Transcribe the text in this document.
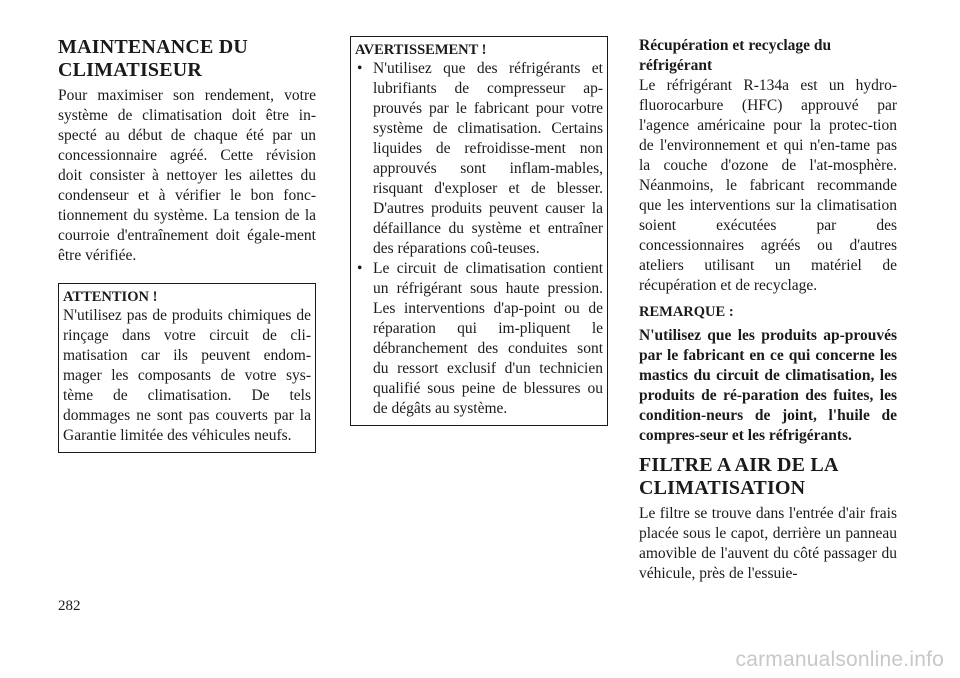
MAINTENANCE DU CLIMATISEUR

Pour maximiser son rendement, votre système de climatisation doit être in-specté au début de chaque été par un concessionnaire agréé. Cette révision doit consister à nettoyer les ailettes du condenseur et à vérifier le bon fonc-tionnement du système. La tension de la courroie d'entraînement doit égale-ment être vérifiée.

ATTENTION !

N'utilisez pas de produits chimiques de rinçage dans votre circuit de cli-matisation car ils peuvent endom-mager les composants de votre sys-tème de climatisation. De tels dommages ne sont pas couverts par la Garantie limitée des véhicules neufs.

AVERTISSEMENT !
• N'utilisez que des réfrigérants et lubrifiants de compresseur ap-prouvés par le fabricant pour votre système de climatisation. Certains liquides de refroidisse-ment non approuvés sont inflam-mables, risquant d'exploser et de blesser. D'autres produits peuvent causer la défaillance du système et entraîner des réparations coû-teuses.
• Le circuit de climatisation contient un réfrigérant sous haute pression. Les interventions d'ap-point ou de réparation qui im-pliquent le débranchement des conduites sont du ressort exclusif d'un technicien qualifié sous peine de blessures ou de dégâts au système.
Récupération et recyclage du réfrigérant

Le réfrigérant R-134a est un hydro-fluorocarbure (HFC) approuvé par l'agence américaine pour la protec-tion de l'environnement et qui n'en-tame pas la couche d'ozone de l'at-mosphère. Néanmoins, le fabricant recommande que les interventions sur la climatisation soient exécutées par des concessionnaires agréés ou d'autres ateliers utilisant un matériel de récupération et de recyclage.

REMARQUE :

N'utilisez que les produits ap-prouvés par le fabricant en ce qui concerne les mastics du circuit de climatisation, les produits de ré-paration des fuites, les condition-neurs de joint, l'huile de compres-seur et les réfrigérants.

FILTRE A AIR DE LA CLIMATISATION

Le filtre se trouve dans l'entrée d'air frais placée sous le capot, derrière un panneau amovible de l'auvent du côté passager du véhicule, près de l'essuie-

282
carmanualsonline.info
